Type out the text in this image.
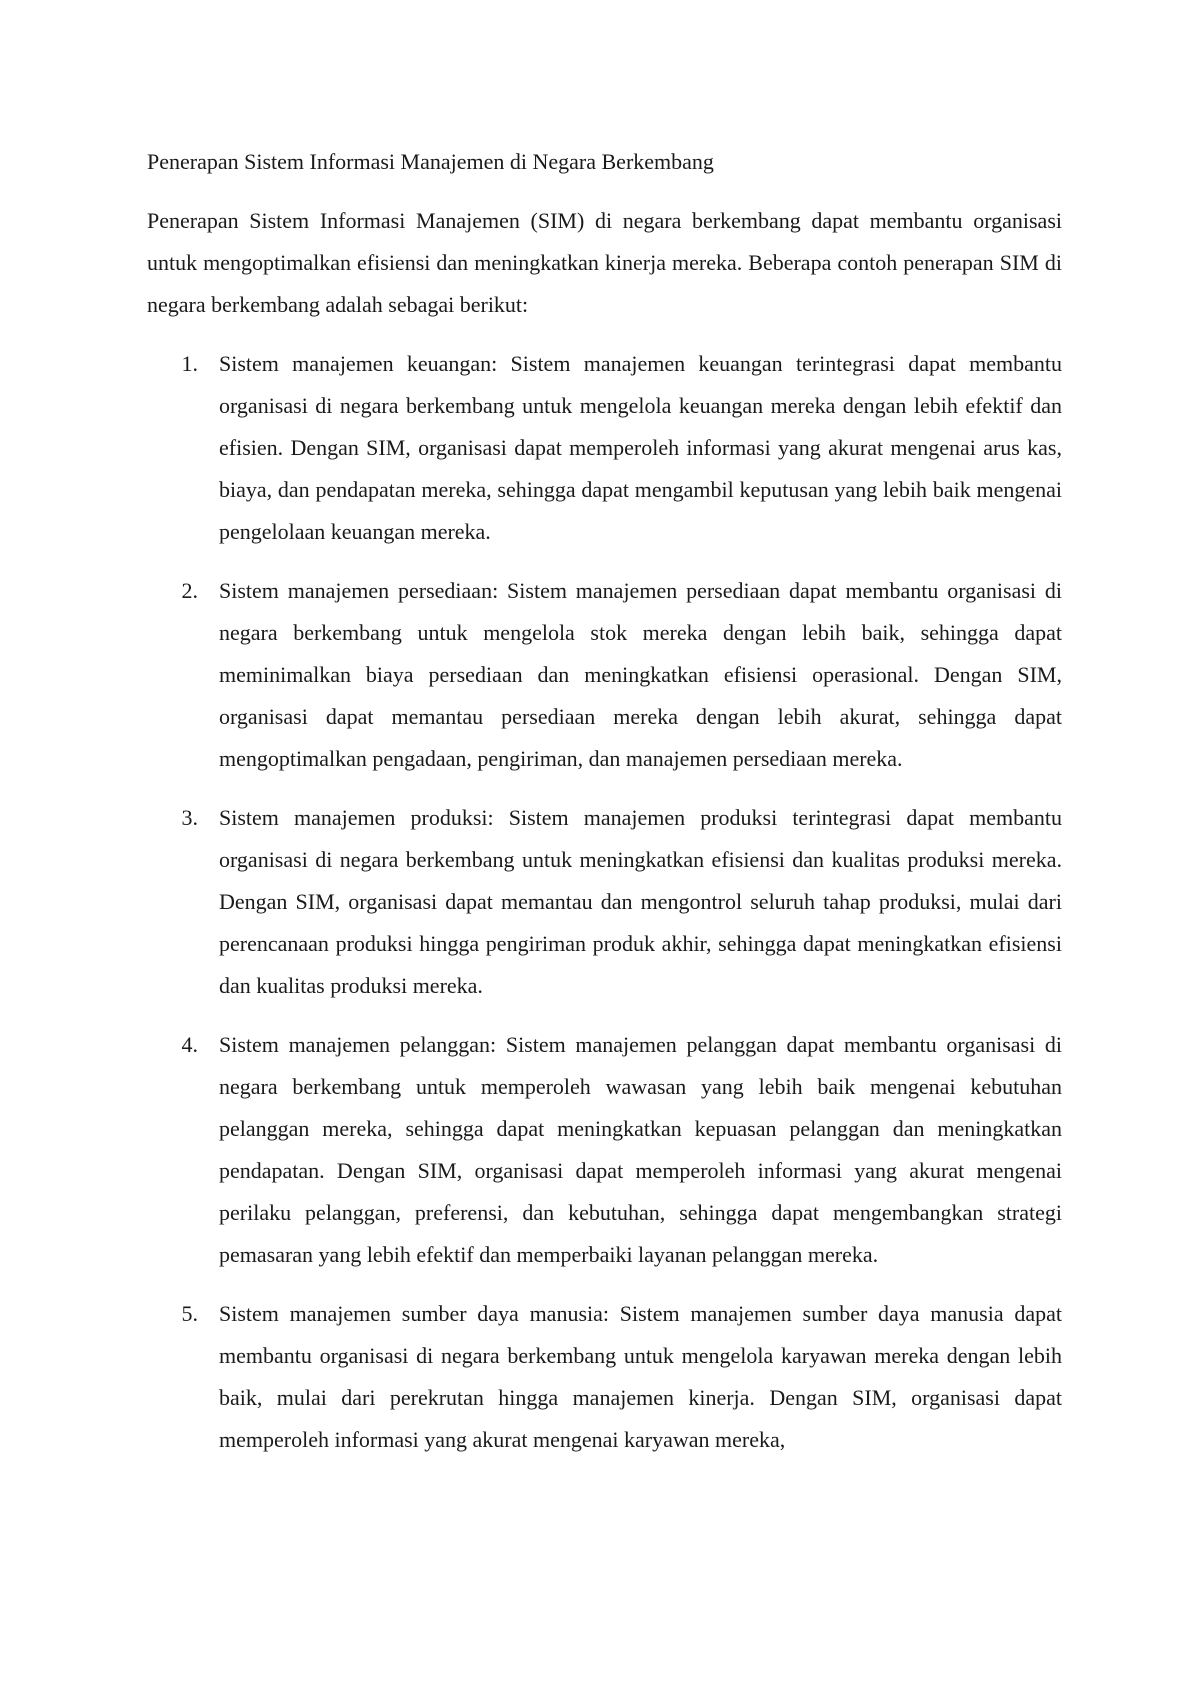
Penerapan Sistem Informasi Manajemen di Negara Berkembang

Penerapan Sistem Informasi Manajemen (SIM) di negara berkembang dapat membantu organisasi untuk mengoptimalkan efisiensi dan meningkatkan kinerja mereka. Beberapa contoh penerapan SIM di negara berkembang adalah sebagai berikut:

1. Sistem manajemen keuangan: Sistem manajemen keuangan terintegrasi dapat membantu organisasi di negara berkembang untuk mengelola keuangan mereka dengan lebih efektif dan efisien. Dengan SIM, organisasi dapat memperoleh informasi yang akurat mengenai arus kas, biaya, dan pendapatan mereka, sehingga dapat mengambil keputusan yang lebih baik mengenai pengelolaan keuangan mereka.
2. Sistem manajemen persediaan: Sistem manajemen persediaan dapat membantu organisasi di negara berkembang untuk mengelola stok mereka dengan lebih baik, sehingga dapat meminimalkan biaya persediaan dan meningkatkan efisiensi operasional. Dengan SIM, organisasi dapat memantau persediaan mereka dengan lebih akurat, sehingga dapat mengoptimalkan pengadaan, pengiriman, dan manajemen persediaan mereka.
3. Sistem manajemen produksi: Sistem manajemen produksi terintegrasi dapat membantu organisasi di negara berkembang untuk meningkatkan efisiensi dan kualitas produksi mereka. Dengan SIM, organisasi dapat memantau dan mengontrol seluruh tahap produksi, mulai dari perencanaan produksi hingga pengiriman produk akhir, sehingga dapat meningkatkan efisiensi dan kualitas produksi mereka.
4. Sistem manajemen pelanggan: Sistem manajemen pelanggan dapat membantu organisasi di negara berkembang untuk memperoleh wawasan yang lebih baik mengenai kebutuhan pelanggan mereka, sehingga dapat meningkatkan kepuasan pelanggan dan meningkatkan pendapatan. Dengan SIM, organisasi dapat memperoleh informasi yang akurat mengenai perilaku pelanggan, preferensi, dan kebutuhan, sehingga dapat mengembangkan strategi pemasaran yang lebih efektif dan memperbaiki layanan pelanggan mereka.
5. Sistem manajemen sumber daya manusia: Sistem manajemen sumber daya manusia dapat membantu organisasi di negara berkembang untuk mengelola karyawan mereka dengan lebih baik, mulai dari perekrutan hingga manajemen kinerja. Dengan SIM, organisasi dapat memperoleh informasi yang akurat mengenai karyawan mereka,
